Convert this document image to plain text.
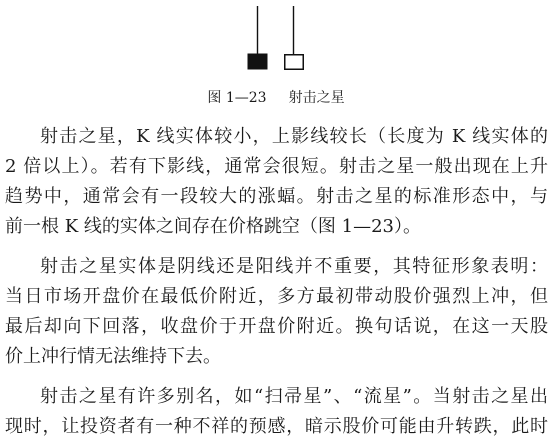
图 1—23 射击之星
射击之星，K 线实体较小，上影线较长（长度为 K 线实体的
2 倍以上）。若有下影线，通常会很短。射击之星一般出现在上升
趋势中，通常会有一段较大的涨蝠。射击之星的标准形态中，与
前一根 K 线的实体之间存在价格跳空（图 1—23）。
射击之星实体是阴线还是阳线并不重要，其特征形象表明：
当日市场开盘价在最低价附近，多方最初带动股价强烈上冲，但
最后却向下回落，收盘价于开盘价附近。换句话说，在这一天股
价上冲行情无法维持下去。
射击之星有许多别名，如“扫帚星”、“流星”。当射击之星出
现时，让投资者有一种不祥的预感，暗示股价可能由升转跌，此时
